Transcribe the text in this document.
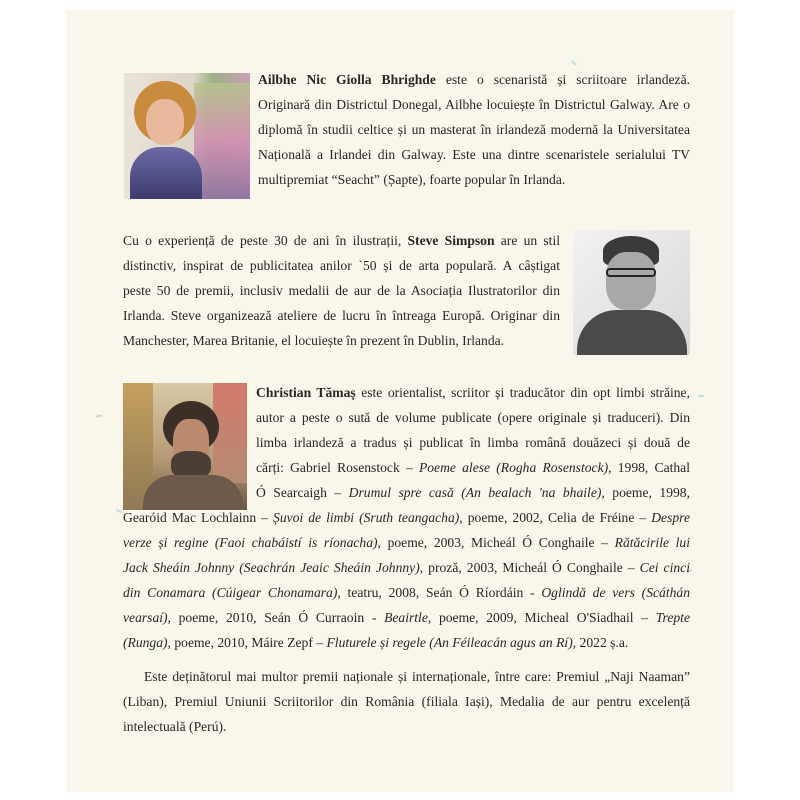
Ailbhe Nic Giolla Bhrighde este o scenaristă și scriitoare irlandeză.
Originară din Districtul Donegal, Ailbhe locuiește în Districtul Galway. Are o
diplomă în studii celtice și un masterat în irlandeză modernă la Universitatea
Națională a Irlandei din Galway. Este una dintre scenaristele serialului TV
multipremiat “Seacht” (Șapte), foarte popular în Irlanda.
Cu o experiență de peste 30 de ani în ilustrații, Steve Simpson are un stil
distinctiv, inspirat de publicitatea anilor `50 și de arta populară. A câștigat
peste 50 de premii, inclusiv medalii de aur de la Asociația Ilustratorilor din
Irlanda. Steve organizează ateliere de lucru în întreaga Europă. Originar din
Manchester, Marea Britanie, el locuiește în prezent în Dublin, Irlanda.
Christian Tămaș este orientalist, scriitor și traducător din opt limbi străine,
autor a peste o sută de volume publicate (opere originale și traduceri). Din
limba irlandeză a tradus și publicat în limba română douăzeci și două de
cărți: Gabriel Rosenstock – Poeme alese (Rogha Rosenstock), 1998, Cathal
Ó Searcaigh – Drumul spre casă (An bealach 'na bhaile), poeme, 1998,
Gearóid Mac Lochlainn – Șuvoi de limbi (Sruth teangacha), poeme, 2002, Celia de Fréine – Despre
verze și regine (Faoi chabáistí is ríonacha), poeme, 2003, Micheál Ó Conghaile – Rătăcirile lui
Jack Sheáin Johnny (Seachrán Jeaic Sheáin Johnny), proză, 2003, Micheál Ó Conghaile – Cei cinci
din Conamara (Cúigear Chonamara), teatru, 2008, Seán Ó Ríordáin - Oglindă de vers (Scáthán
vearsaí), poeme, 2010, Seán Ó Curraoin - Beairtle, poeme, 2009, Micheal O'Siadhail – Trepte
(Runga), poeme, 2010, Máire Zepf – Fluturele și regele (An Féileacán agus an Rí), 2022 ș.a.
Este deținătorul mai multor premii naționale și internaționale, între care: Premiul „Naji Naaman”
(Liban), Premiul Uniunii Scriitorilor din România (filiala Iași), Medalia de aur pentru excelență
intelectuală (Perú).
